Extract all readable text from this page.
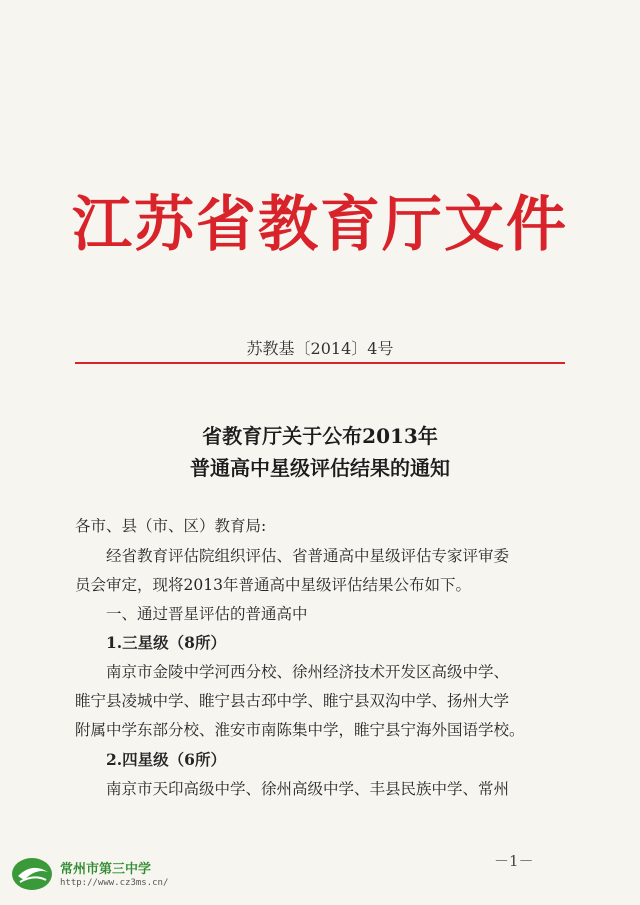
江苏省教育厅文件
苏教基〔2014〕4号
省教育厅关于公布2013年
普通高中星级评估结果的通知
各市、县（市、区）教育局:
　　经省教育评估院组织评估、省普通高中星级评估专家评审委
员会审定，现将2013年普通高中星级评估结果公布如下。
　　一、通过晋星评估的普通高中
　　1.三星级（8所）
　　南京市金陵中学河西分校、徐州经济技术开发区高级中学、
睢宁县凌城中学、睢宁县古邳中学、睢宁县双沟中学、扬州大学
附属中学东部分校、淮安市南陈集中学，睢宁县宁海外国语学校。
　　2.四星级（6所）
　　南京市天印高级中学、徐州高级中学、丰县民族中学、常州
－1－
常州市第三中学
http://www.cz3ms.cn/
